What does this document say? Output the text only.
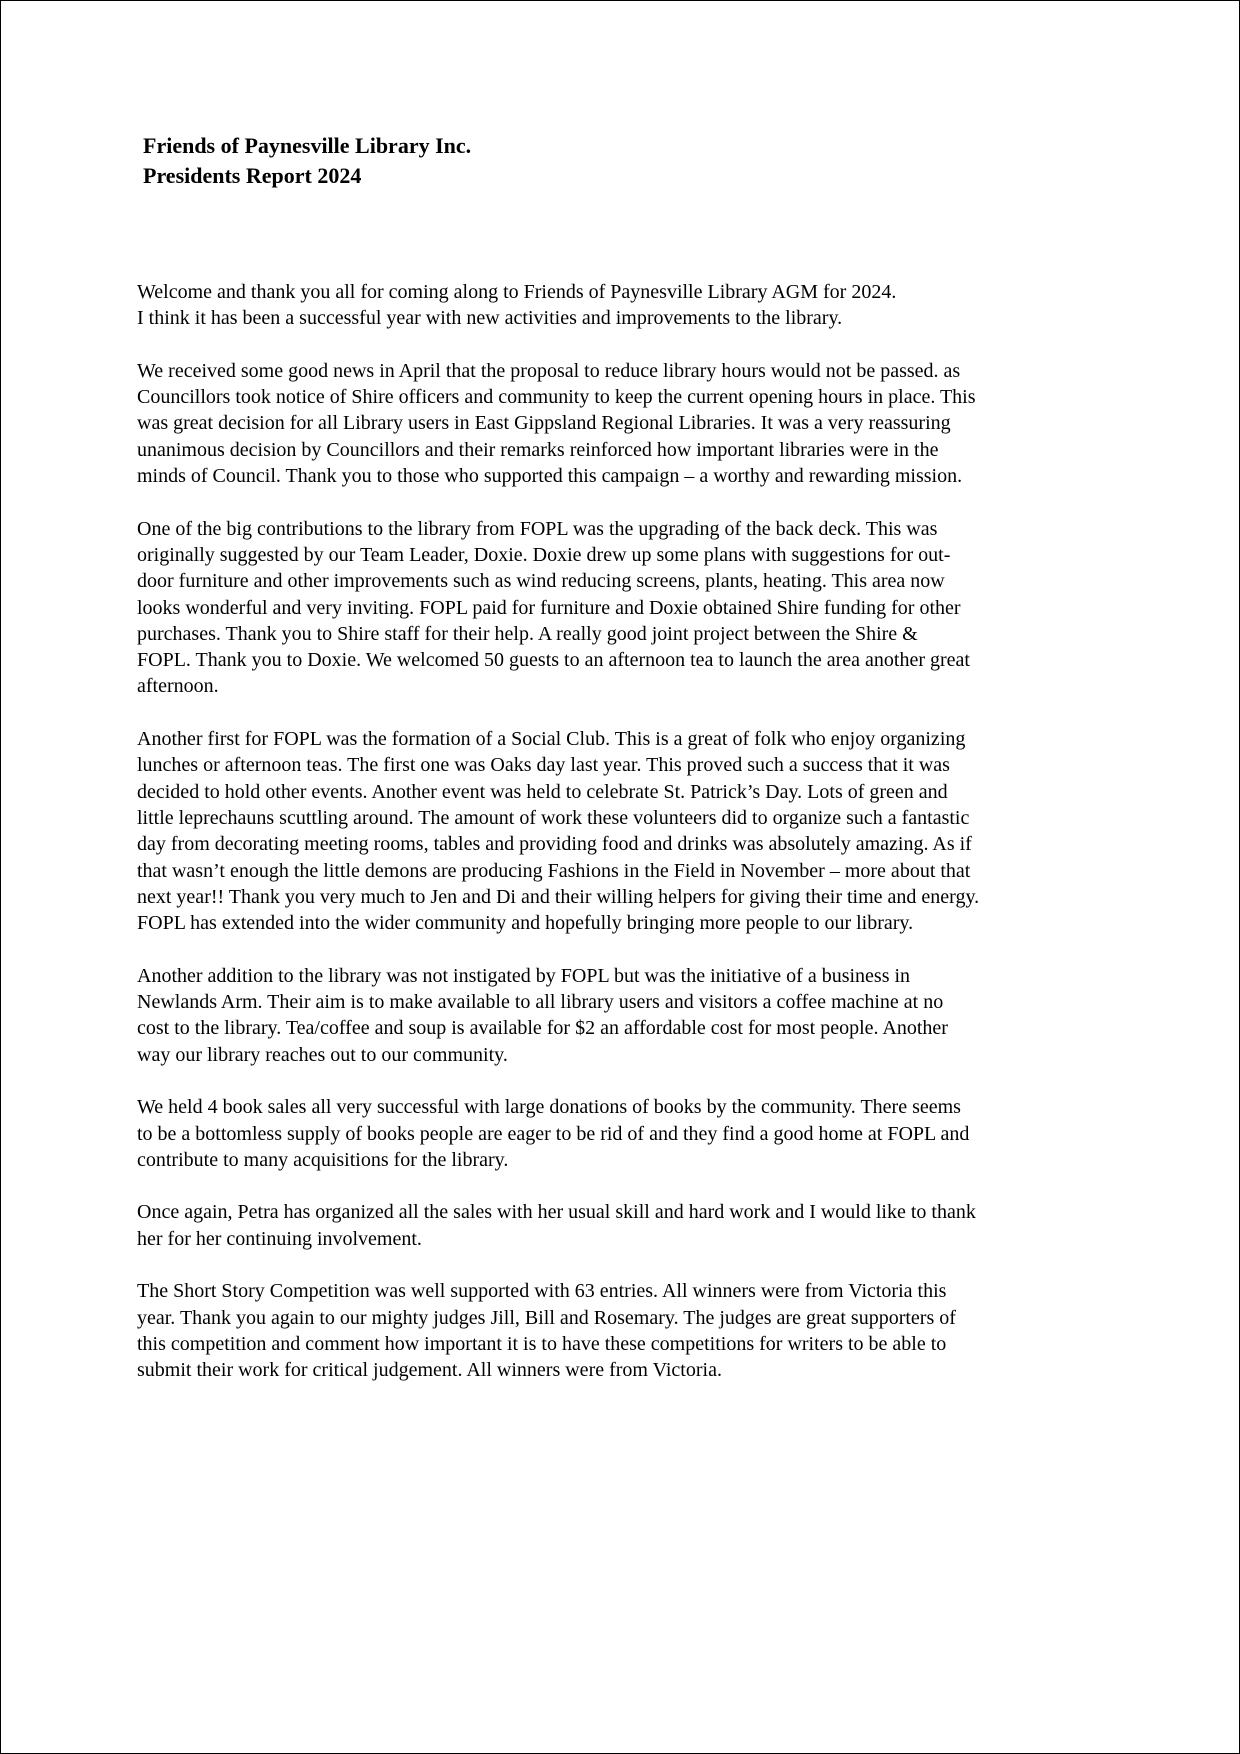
Friends of Paynesville Library Inc.
Presidents Report 2024
Welcome and thank you all for coming along to Friends of Paynesville Library AGM for 2024.
I think it has been a successful year with new activities and improvements to the library.
We received some good news in April that the proposal to reduce library hours would not be passed. as
Councillors took notice of Shire officers and community to keep the current opening hours in place. This
was great decision for all Library users in East Gippsland Regional Libraries. It was a very reassuring
unanimous decision by Councillors and their remarks reinforced how important libraries were in the
minds of Council. Thank you to those who supported this campaign – a worthy and rewarding mission.
One of the big contributions to the library from FOPL was the upgrading of the back deck. This was
originally suggested by our Team Leader, Doxie. Doxie drew up some plans with suggestions for out-
door furniture and other improvements such as wind reducing screens, plants, heating. This area now
looks wonderful and very inviting. FOPL paid for furniture and Doxie obtained Shire funding for other
purchases. Thank you to Shire staff for their help. A really good joint project between the Shire &
FOPL. Thank you to Doxie. We welcomed 50 guests to an afternoon tea to launch the area another great
afternoon.
Another first for FOPL was the formation of a Social Club. This is a great of folk who enjoy organizing
lunches or afternoon teas. The first one was Oaks day last year. This proved such a success that it was
decided to hold other events. Another event was held to celebrate St. Patrick’s Day. Lots of green and
little leprechauns scuttling around. The amount of work these volunteers did to organize such a fantastic
day from decorating meeting rooms, tables and providing food and drinks was absolutely amazing. As if
that wasn’t enough the little demons are producing Fashions in the Field in November – more about that
next year!! Thank you very much to Jen and Di and their willing helpers for giving their time and energy.
FOPL has extended into the wider community and hopefully bringing more people to our library.
Another addition to the library was not instigated by FOPL but was the initiative of a business in
Newlands Arm. Their aim is to make available to all library users and visitors a coffee machine at no
cost to the library. Tea/coffee and soup is available for $2 an affordable cost for most people. Another
way our library reaches out to our community.
We held 4 book sales all very successful with large donations of books by the community. There seems
to be a bottomless supply of books people are eager to be rid of and they find a good home at FOPL and
contribute to many acquisitions for the library.
Once again, Petra has organized all the sales with her usual skill and hard work and I would like to thank
her for her continuing involvement.
The Short Story Competition was well supported with 63 entries. All winners were from Victoria this
year. Thank you again to our mighty judges Jill, Bill and Rosemary. The judges are great supporters of
this competition and comment how important it is to have these competitions for writers to be able to
submit their work for critical judgement. All winners were from Victoria.
